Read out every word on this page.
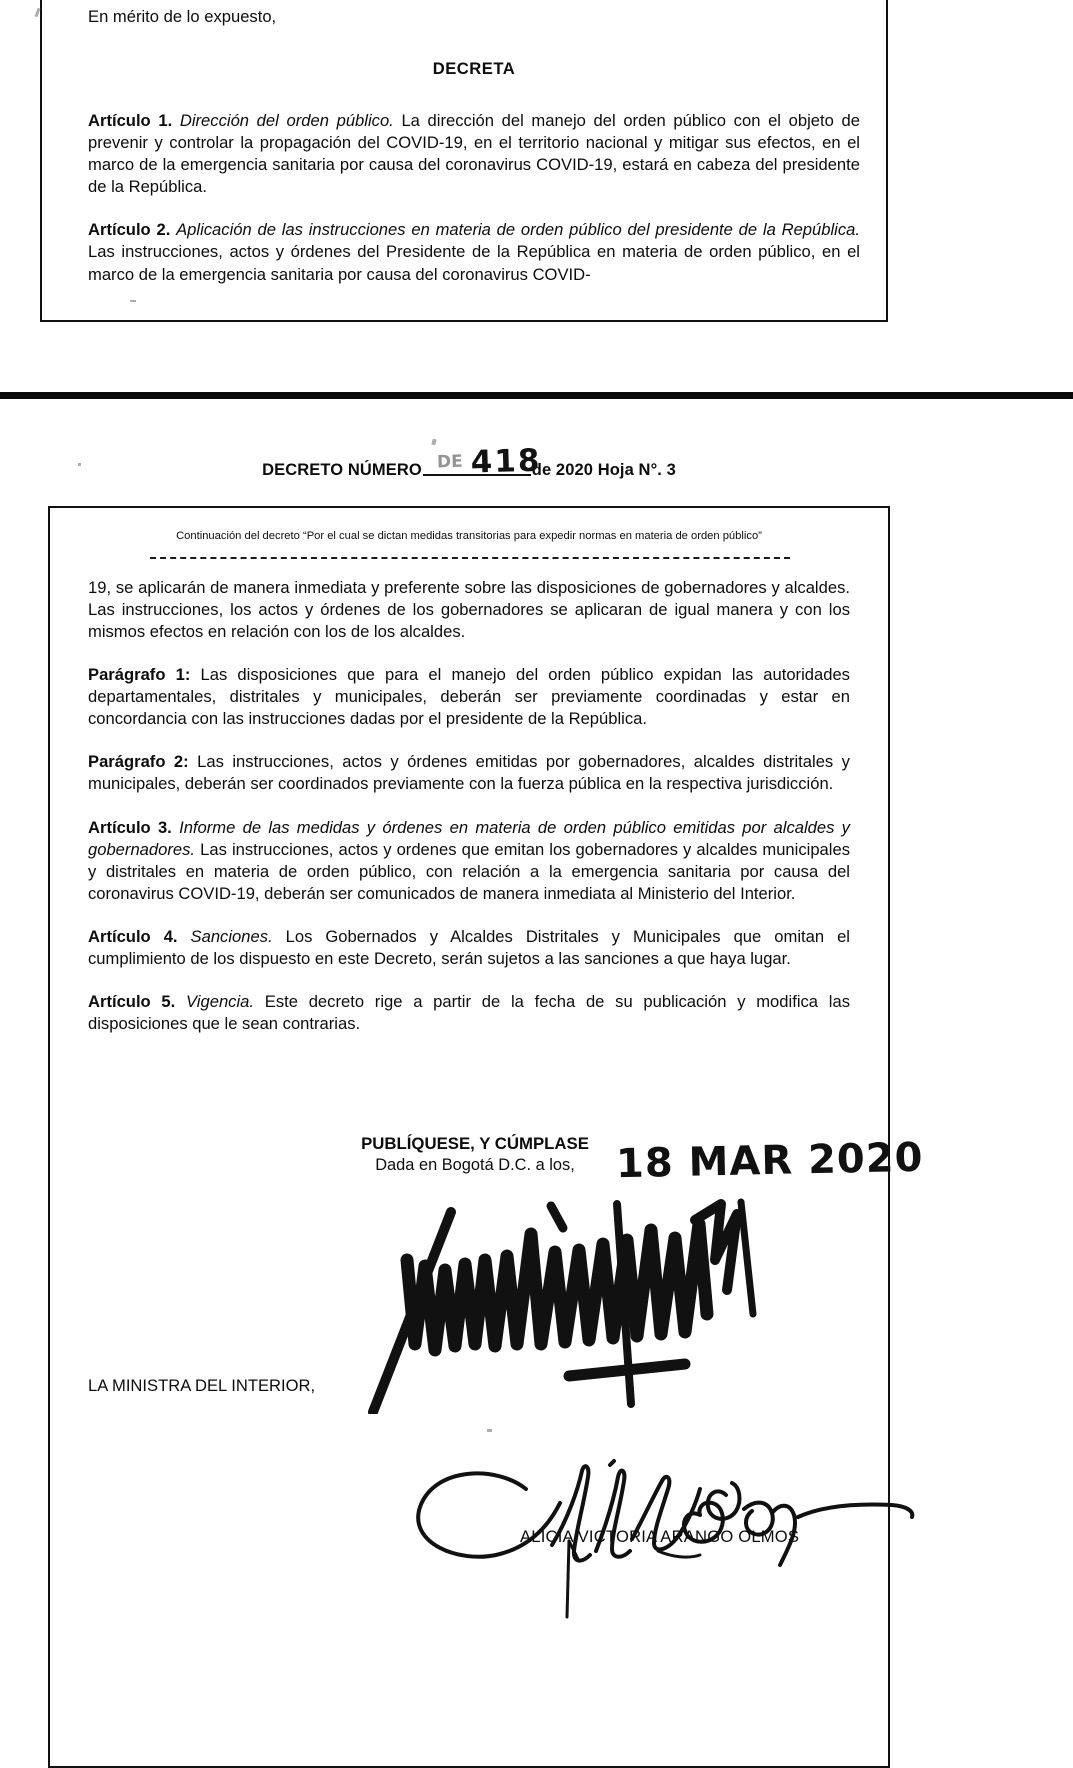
En mérito de lo expuesto,

DECRETA

Artículo 1. Dirección del orden público. La dirección del manejo del orden público con el objeto de prevenir y controlar la propagación del COVID-19, en el territorio nacional y mitigar sus efectos, en el marco de la emergencia sanitaria por causa del coronavirus COVID-19, estará en cabeza del presidente de la República.

Artículo 2. Aplicación de las instrucciones en materia de orden público del presidente de la República. Las instrucciones, actos y órdenes del Presidente de la República en materia de orden público, en el marco de la emergencia sanitaria por causa del coronavirus COVID-

DECRETO NÚMERO DE 418
de 2020 Hoja N°. 3
Continuación del decreto “Por el cual se dictan medidas transitorias para expedir normas en materia de orden público”

19, se aplicarán de manera inmediata y preferente sobre las disposiciones de gobernadores y alcaldes. Las instrucciones, los actos y órdenes de los gobernadores se aplicaran de igual manera y con los mismos efectos en relación con los de los alcaldes.

Parágrafo 1: Las disposiciones que para el manejo del orden público expidan las autoridades departamentales, distritales y municipales, deberán ser previamente coordinadas y estar en concordancia con las instrucciones dadas por el presidente de la República.

Parágrafo 2: Las instrucciones, actos y órdenes emitidas por gobernadores, alcaldes distritales y municipales, deberán ser coordinados previamente con la fuerza pública en la respectiva jurisdicción.

Artículo 3. Informe de las medidas y órdenes en materia de orden público emitidas por alcaldes y gobernadores. Las instrucciones, actos y ordenes que emitan los gobernadores y alcaldes municipales y distritales en materia de orden público, con relación a la emergencia sanitaria por causa del coronavirus COVID-19, deberán ser comunicados de manera inmediata al Ministerio del Interior.

Artículo 4. Sanciones. Los Gobernados y Alcaldes Distritales y Municipales que omitan el cumplimiento de los dispuesto en este Decreto, serán sujetos a las sanciones a que haya lugar.

Artículo 5. Vigencia. Este decreto rige a partir de la fecha de su publicación y modifica las disposiciones que le sean contrarias.

PUBLÍQUESE, Y CÚMPLASE
Dada en Bogotá D.C. a los,	18 MAR 2020
LA MINISTRA DEL INTERIOR,
ALICIA VICTORIA ARANGO OLMOS
